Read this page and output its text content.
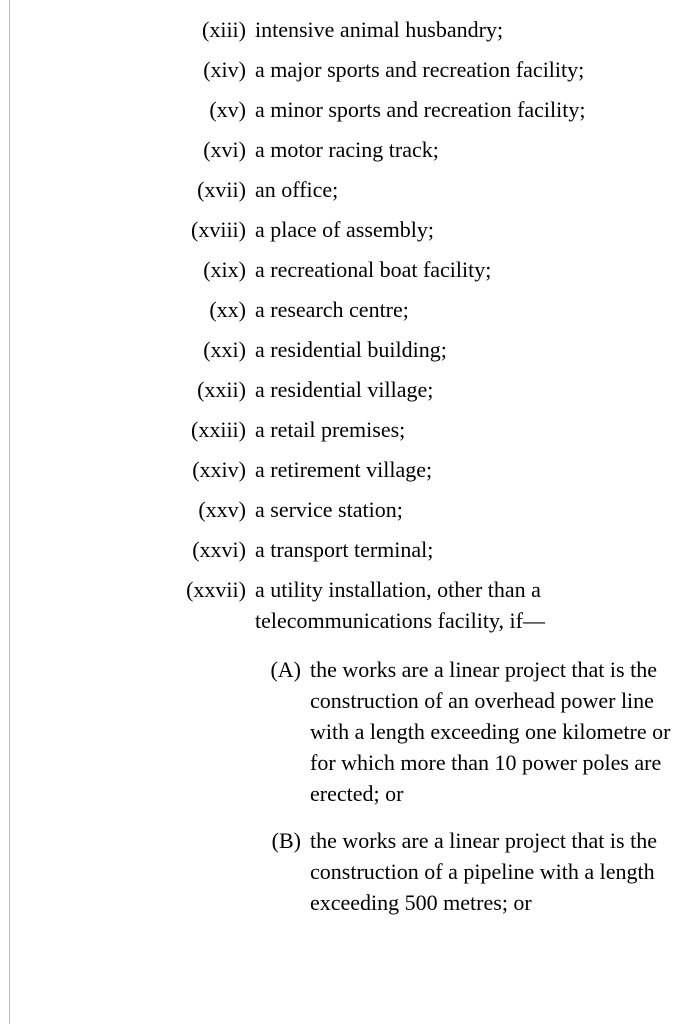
(xiii) intensive animal husbandry;
(xiv) a major sports and recreation facility;
(xv) a minor sports and recreation facility;
(xvi) a motor racing track;
(xvii) an office;
(xviii) a place of assembly;
(xix) a recreational boat facility;
(xx) a research centre;
(xxi) a residential building;
(xxii) a residential village;
(xxiii) a retail premises;
(xxiv) a retirement village;
(xxv) a service station;
(xxvi) a transport terminal;
(xxvii) a utility installation, other than a telecommunications facility, if—
(A) the works are a linear project that is the construction of an overhead power line with a length exceeding one kilometre or for which more than 10 power poles are erected; or
(B) the works are a linear project that is the construction of a pipeline with a length exceeding 500 metres; or
